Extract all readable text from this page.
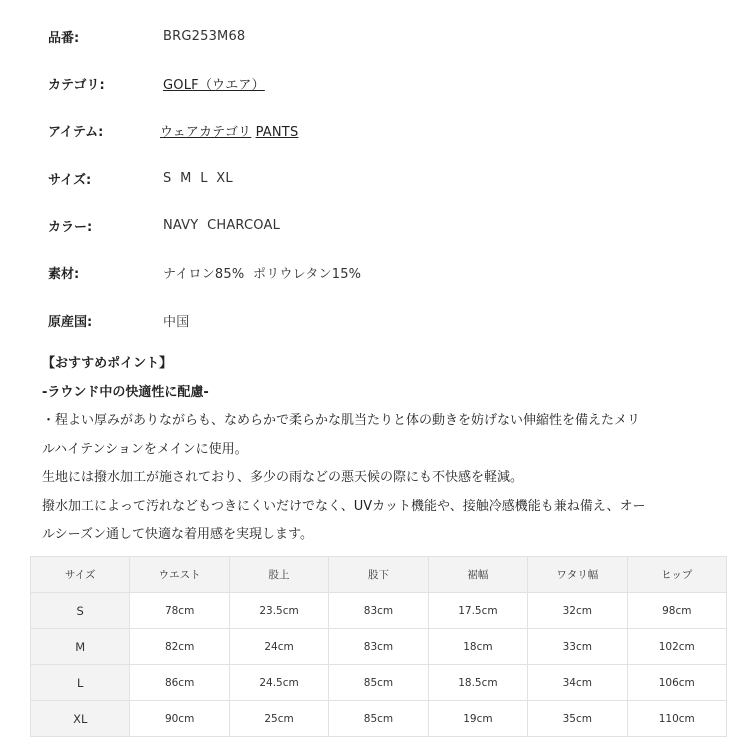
品番:	BRG253M68
カテゴリ:	GOLF（ウエア）
アイテム:	ウェアカテゴリ PANTS
サイズ:	S  M  L  XL
カラー:	NAVY  CHARCOAL
素材:	ナイロン85%  ポリウレタン15%
原産国:	中国

【おすすめポイント】

-ラウンド中の快適性に配慮-

・程よい厚みがありながらも、なめらかで柔らかな肌当たりと体の動きを妨げない伸縮性を備えたメリ

ルハイテンションをメインに使用。

生地には撥水加工が施されており、多少の雨などの悪天候の際にも不快感を軽減。

撥水加工によって汚れなどもつきにくいだけでなく、UVカット機能や、接触冷感機能も兼ね備え、オー

ルシーズン通して快適な着用感を実現します。

サイズ	ウエスト	股上	股下	裾幅	ワタリ幅	ヒップ
S	78cm	23.5cm	83cm	17.5cm	32cm	98cm
M	82cm	24cm	83cm	18cm	33cm	102cm
L	86cm	24.5cm	85cm	18.5cm	34cm	106cm
XL	90cm	25cm	85cm	19cm	35cm	110cm
